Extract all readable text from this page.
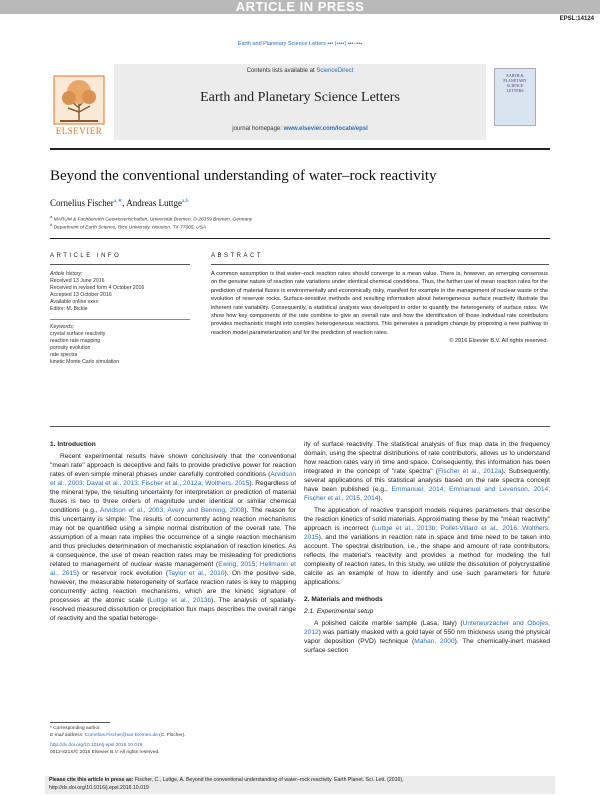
ARTICLE IN PRESS
EPSL:14124
Earth and Planetary Science Letters ••• (••••) •••–•••
ELSEVIER
Contents lists available at ScienceDirect
Earth and Planetary Science Letters
journal homepage: www.elsevier.com/locate/epsl
EARTH & PLANETARY SCIENCE LETTERS
Beyond the conventional understanding of water–rock reactivity
Cornelius Fischer$^{a,∗}$, Andreas Luttge$^{a,b}$
$^a$ MARUM & Fachbereich Geowissenschaften, Universität Bremen, D-28359 Bremen, Germany
$^b$ Department of Earth Science, Rice University, Houston, TX 77005, USA
ARTICLE INFO	ABSTRACT
Article history:
Received 13 June 2016
Received in revised form 4 October 2016
Accepted 13 October 2016
Available online xxxx
Editor: M. Bickle
Keywords:
crystal surface reactivity
reaction rate mapping
porosity evolution
rate spectra
kinetic Monte Carlo simulation
A common assumption is that water–rock reaction rates should converge to a mean value. There is, however, an emerging consensus on the genuine nature of reaction rate variations under identical chemical conditions. Thus, the further use of mean reaction rates for the prediction of material fluxes is environmentally and economically risky, manifest for example in the management of nuclear waste or the evolution of reservoir rocks. Surface-sensitive methods and resulting information about heterogeneous surface reactivity illustrate the inherent rate variability. Consequently, a statistical analysis was developed in order to quantify the heterogeneity of surface rates. We show how key components of the rate combine to give an overall rate and how the identification of those individual rate contributors provides mechanistic insight into complex heterogeneous reactions. This generates a paradigm change by proposing a new pathway to reaction model parameterization and for the prediction of reaction rates.
© 2016 Elsevier B.V. All rights reserved.

1. Introduction

Recent experimental results have shown conclusively that the conventional "mean rate" approach is deceptive and fails to provide predictive power for reaction rates of even simple mineral phases under carefully controlled conditions (Arvidson et al., 2003; Daval et al., 2013; Fischer et al., 2012a; Wolthers, 2015). Regardless of the mineral type, the resulting uncertainty for interpretation or prediction of material fluxes is two to three orders of magnitude under identical or similar chemical conditions (e.g., Arvidson et al., 2003; Avery and Benning, 2008). The reason for this uncertainty is simple: The results of concurrently acting reaction mechanisms may not be quantified using a simple normal distribution of the overall rate. The assumption of a mean rate implies the occurrence of a single reaction mechanism and thus precludes determination of mechanistic explanation of reaction kinetics. As a consequence, the use of mean reaction rates may be misleading for predictions related to management of nuclear waste management (Ewing, 2015; Hellmann et al., 2015) or reservoir rock evolution (Taylor et al., 2010). On the positive side, however, the measurable heterogeneity of surface reaction rates is key to mapping concurrently acting reaction mechanisms, which are the kinetic signature of processes at the atomic scale (Luttge et al., 2013b). The analysis of spatially-resolved measured dissolution or precipitation flux maps describes the overall range of reactivity and the spatial heteroge-

ity of surface reactivity. The statistical analysis of flux map data in the frequency domain, using the spectral distributions of rate contributors, allows us to understand how reaction rates vary in time and space. Consequently, this information has been integrated in the concept of "rate spectra" (Fischer et al., 2012a). Subsequently, several applications of this statistical analysis based on the rate spectra concept have been published (e.g., Emmanuel, 2014; Emmanuel and Levenson, 2014; Fischer et al., 2015, 2014).

The application of reactive transport models requires parameters that describe the reaction kinetics of solid materials. Approximating these by the "mean reactivity" approach is incorrect (Luttge et al., 2013b; Pollet-Villard et al., 2016; Wolthers, 2015), and the variations in reaction rate in space and time need to be taken into account. The spectral distribution, i.e., the shape and amount of rate contributors, reflects the material's reactivity and provides a method for modeling the full complexity of reaction rates. In this study, we utilize the dissolution of polycrystalline calcite as an example of how to identify and use such parameters for future applications.

2. Materials and methods

2.1. Experimental setup

A polished calcite marble sample (Lasa, Italy) (Unterwurzacher and Obojes, 2012) was partially masked with a gold layer of 550 nm thickness using the physical vapor deposition (PVD) technique (Mahan, 2000). The chemically-inert masked surface section

* Corresponding author.
E-mail address: Cornelius.Fischer@uni-bremen.de (C. Fischer).
http://dx.doi.org/10.1016/j.epsl.2016.10.019
0012-821X/© 2016 Elsevier B.V. All rights reserved.
Please cite this article in press as: Fischer, C., Luttge, A. Beyond the conventional understanding of water–rock reactivity. Earth Planet. Sci. Lett. (2016),
http://dx.doi.org/10.1016/j.epsl.2016.10.019
